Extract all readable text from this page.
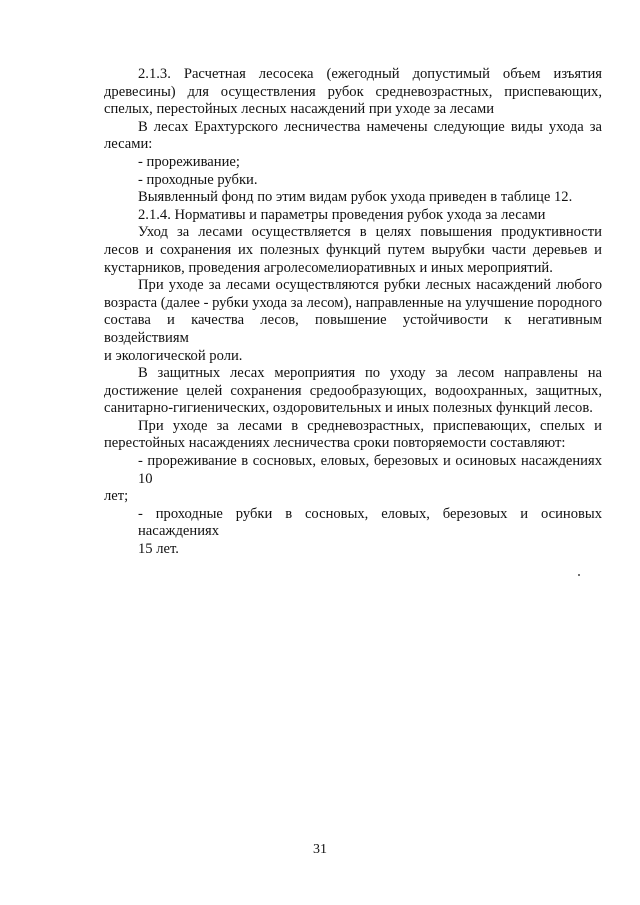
2.1.3. Расчетная лесосека (ежегодный допустимый объем изъятия

древесины) для осуществления рубок средневозрастных, приспевающих,

спелых, перестойных лесных насаждений при уходе за лесами

В лесах Ерахтурского лесничества намечены следующие виды ухода за

лесами:

- прореживание;

- проходные рубки.

Выявленный фонд по этим видам рубок ухода приведен в таблице 12.

2.1.4. Нормативы и параметры проведения рубок ухода за лесами

Уход за лесами осуществляется в целях повышения продуктивности

лесов и сохранения их полезных функций путем вырубки части деревьев и

кустарников, проведения агролесомелиоративных и иных мероприятий.

При уходе за лесами осуществляются рубки лесных насаждений любого

возраста (далее - рубки ухода за лесом), направленные на улучшение породного

состава и качества лесов, повышение устойчивости к негативным воздействиям

и экологической роли.

В защитных лесах мероприятия по уходу за лесом направлены на

достижение целей сохранения средообразующих, водоохранных, защитных,

санитарно-гигиенических, оздоровительных и иных полезных функций лесов.

При уходе за лесами в средневозрастных, приспевающих, спелых и

перестойных насаждениях лесничества сроки повторяемости составляют:

- прореживание в сосновых, еловых, березовых и осиновых насаждениях 10

лет;

- проходные рубки в сосновых, еловых, березовых и осиновых насаждениях

15 лет.

31
